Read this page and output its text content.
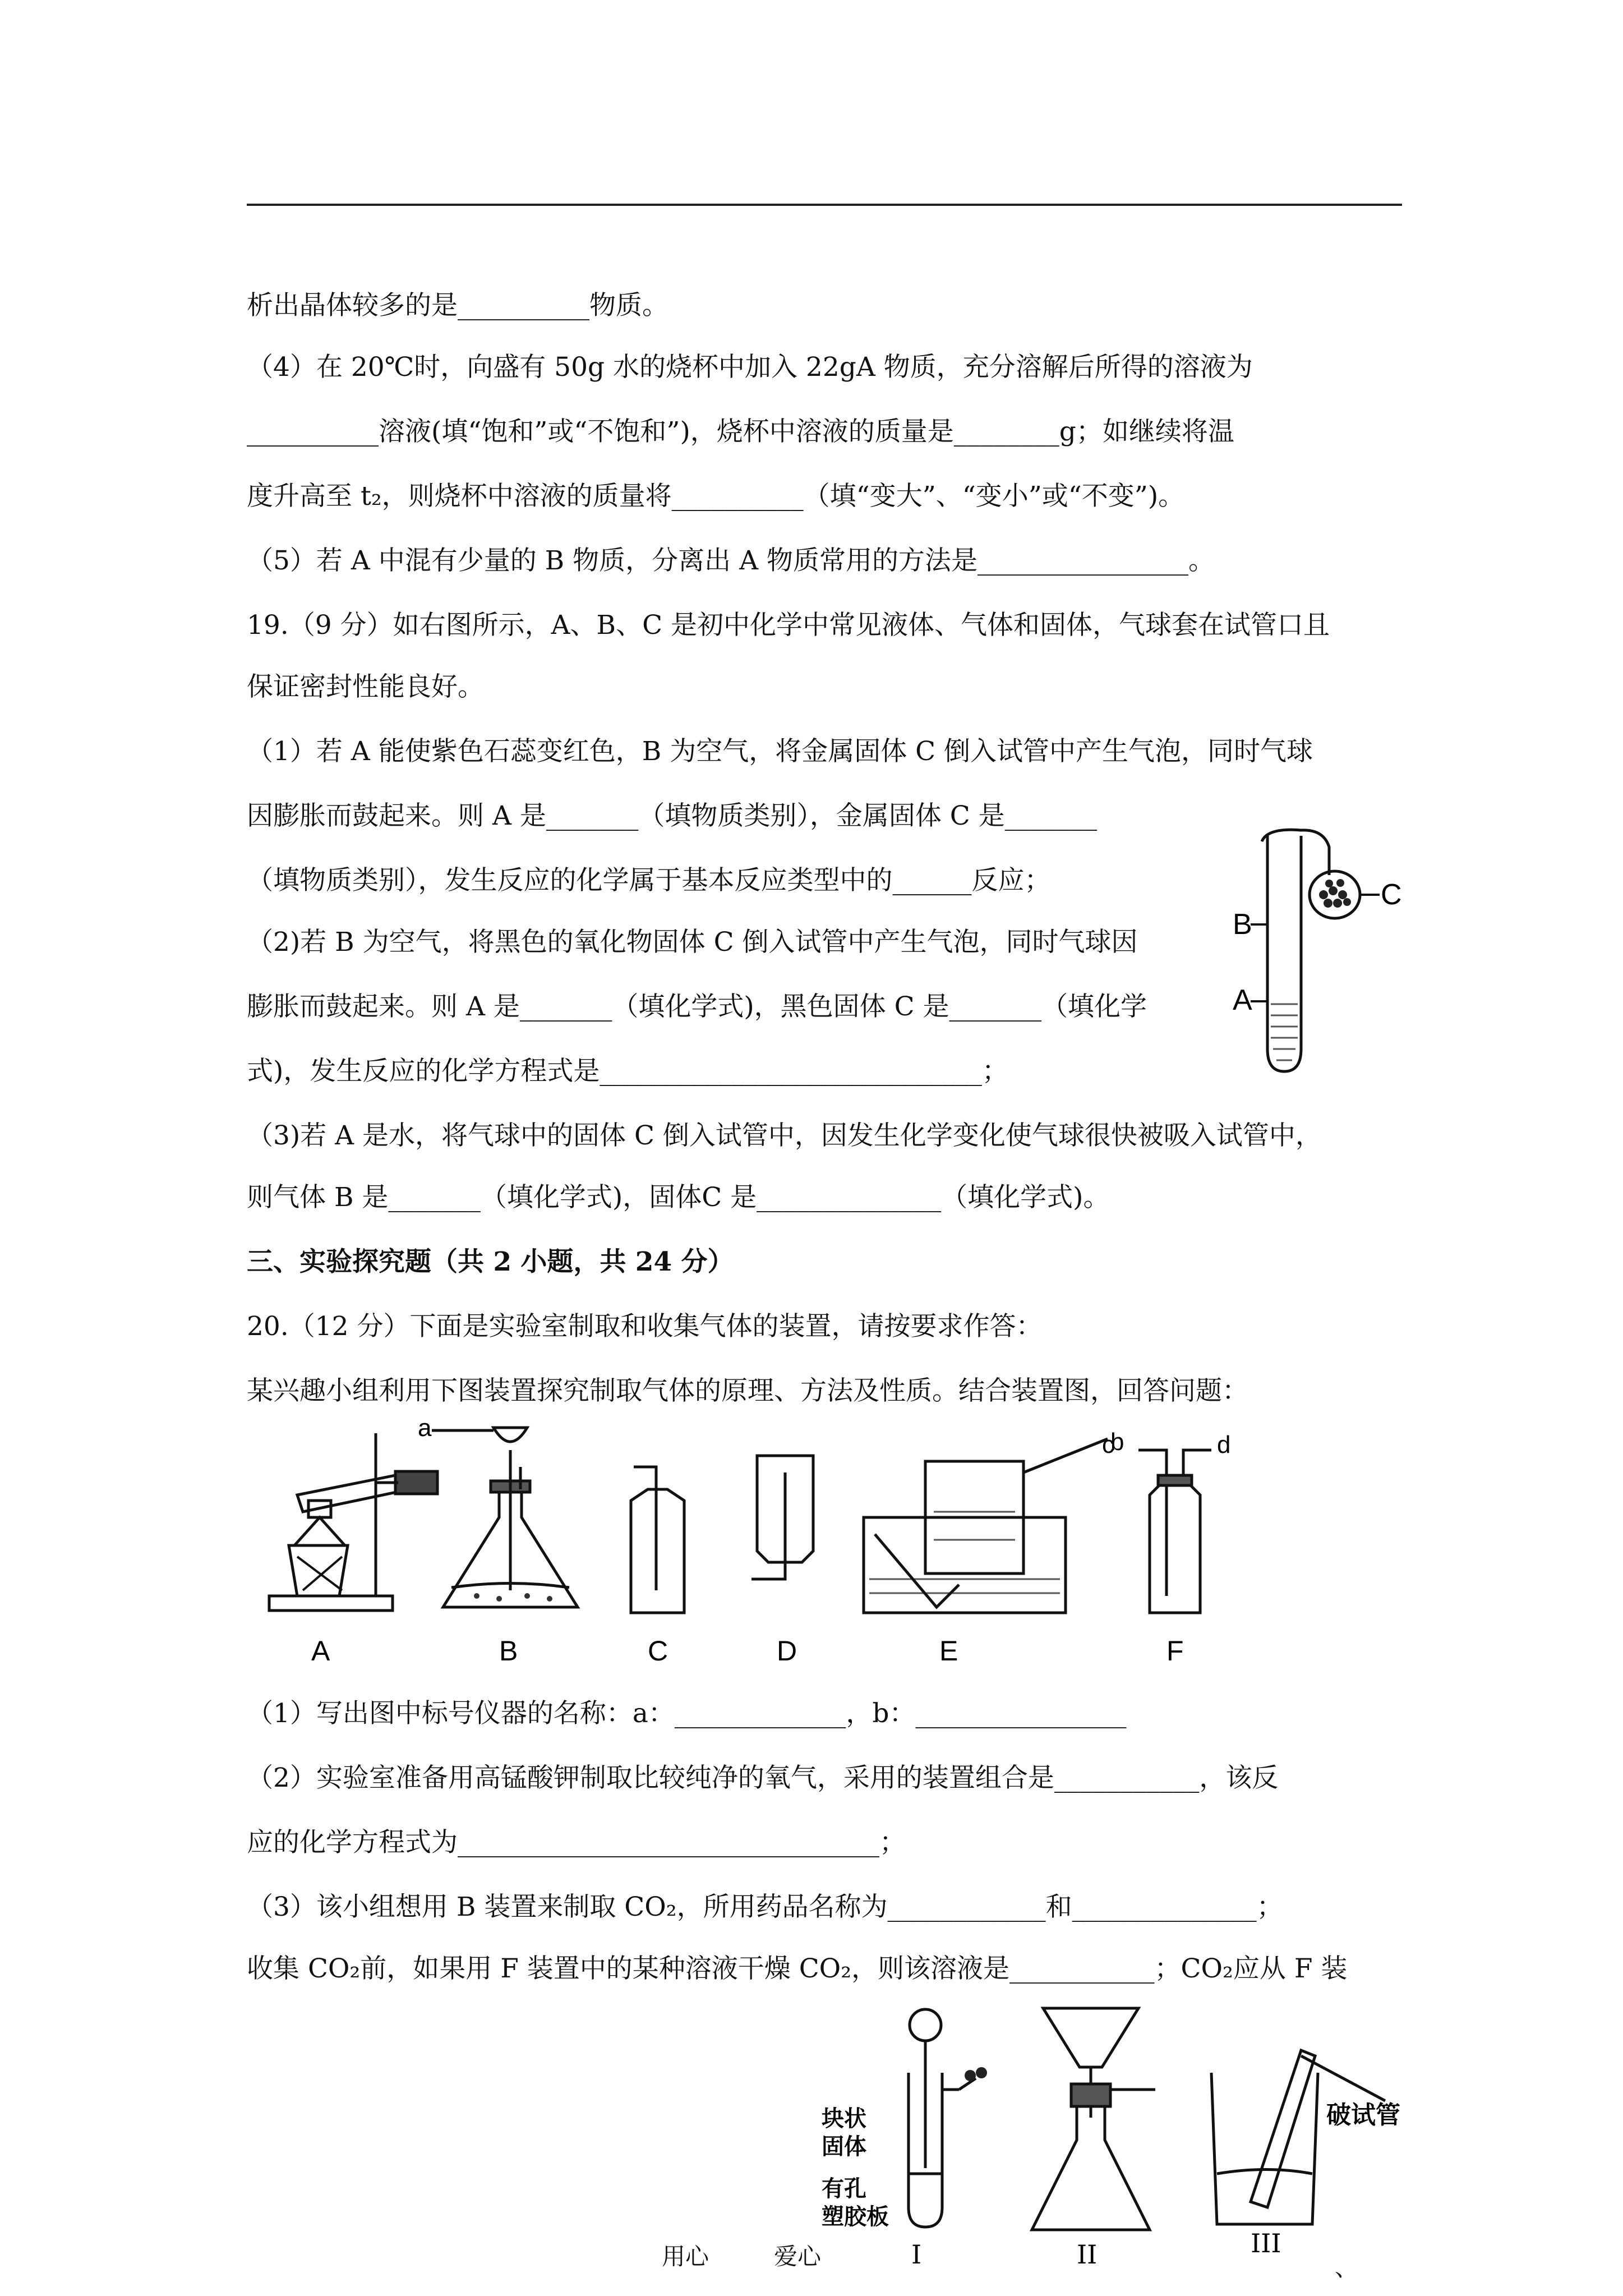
析出晶体较多的是__________物质。
（4）在 20℃时，向盛有 50g 水的烧杯中加入 22gA 物质，充分溶解后所得的溶液为
__________溶液(填“饱和”或“不饱和”)，烧杯中溶液的质量是________g；如继续将温
度升高至 t₂，则烧杯中溶液的质量将__________（填“变大”、“变小”或“不变”)。
（5）若 A 中混有少量的 B 物质，分离出 A 物质常用的方法是________________。
19.（9 分）如右图所示，A、B、C 是初中化学中常见液体、气体和固体，气球套在试管口且
保证密封性能良好。
（1）若 A 能使紫色石蕊变红色，B 为空气，将金属固体 C 倒入试管中产生气泡，同时气球
因膨胀而鼓起来。则 A 是_______（填物质类别），金属固体 C 是_______
（填物质类别），发生反应的化学属于基本反应类型中的______反应；
（2)若 B 为空气，将黑色的氧化物固体 C 倒入试管中产生气泡，同时气球因
膨胀而鼓起来。则 A 是_______（填化学式)，黑色固体 C 是_______（填化学
式)，发生反应的化学方程式是_____________________________；
（3)若 A 是水，将气球中的固体 C 倒入试管中，因发生化学变化使气球很快被吸入试管中，
则气体 B 是_______（填化学式)，固体C 是______________（填化学式)。
三、实验探究题（共 2 小题，共 24 分）
20.（12 分）下面是实验室制取和收集气体的装置，请按要求作答：
某兴趣小组利用下图装置探究制取气体的原理、方法及性质。结合装置图，回答问题：
（1）写出图中标号仪器的名称：a：_____________，b：________________
（2）实验室准备用高锰酸钾制取比较纯净的氧气，采用的装置组合是___________，该反
应的化学方程式为________________________________；
（3）该小组想用 B 装置来制取 CO₂，所用药品名称为____________和______________；
收集 CO₂前，如果用 F 装置中的某种溶液干燥 CO₂，则该溶液是___________；CO₂应从 F 装
B
A
C
a
b
c	d
A	B	C	D	E	F
块状
固体
有孔
塑胶板
破试管
I	II	III
用心	爱心	、
